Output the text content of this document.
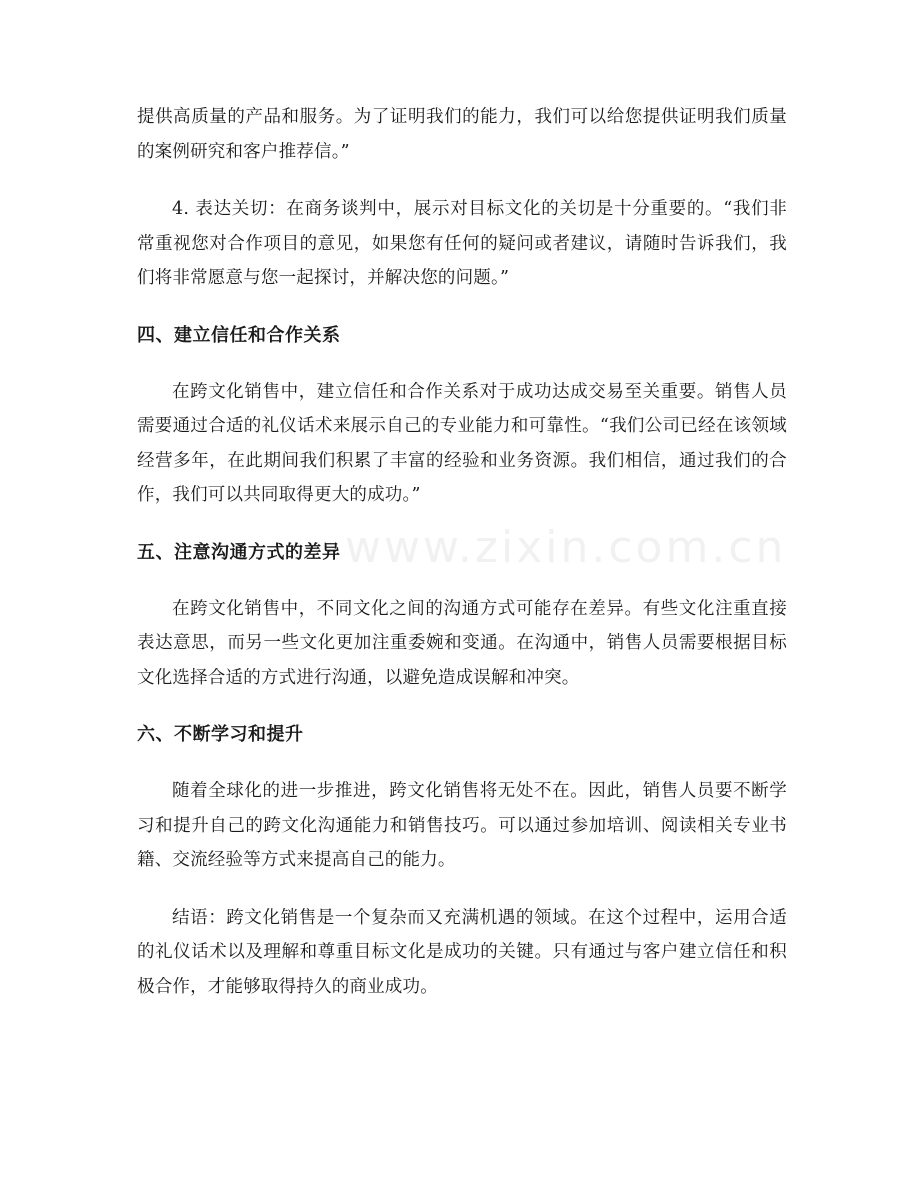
提供高质量的产品和服务。为了证明我们的能力，我们可以给您提供证明我们质量的案例研究和客户推荐信。”

4. 表达关切：在商务谈判中，展示对目标文化的关切是十分重要的。“我们非常重视您对合作项目的意见，如果您有任何的疑问或者建议，请随时告诉我们，我们将非常愿意与您一起探讨，并解决您的问题。”

四、建立信任和合作关系

在跨文化销售中，建立信任和合作关系对于成功达成交易至关重要。销售人员需要通过合适的礼仪话术来展示自己的专业能力和可靠性。“我们公司已经在该领域经营多年，在此期间我们积累了丰富的经验和业务资源。我们相信，通过我们的合作，我们可以共同取得更大的成功。”

五、注意沟通方式的差异

在跨文化销售中，不同文化之间的沟通方式可能存在差异。有些文化注重直接表达意思，而另一些文化更加注重委婉和变通。在沟通中，销售人员需要根据目标文化选择合适的方式进行沟通，以避免造成误解和冲突。

六、不断学习和提升

随着全球化的进一步推进，跨文化销售将无处不在。因此，销售人员要不断学习和提升自己的跨文化沟通能力和销售技巧。可以通过参加培训、阅读相关专业书籍、交流经验等方式来提高自己的能力。

结语：跨文化销售是一个复杂而又充满机遇的领域。在这个过程中，运用合适的礼仪话术以及理解和尊重目标文化是成功的关键。只有通过与客户建立信任和积极合作，才能够取得持久的商业成功。

www.zixin.com.cn
